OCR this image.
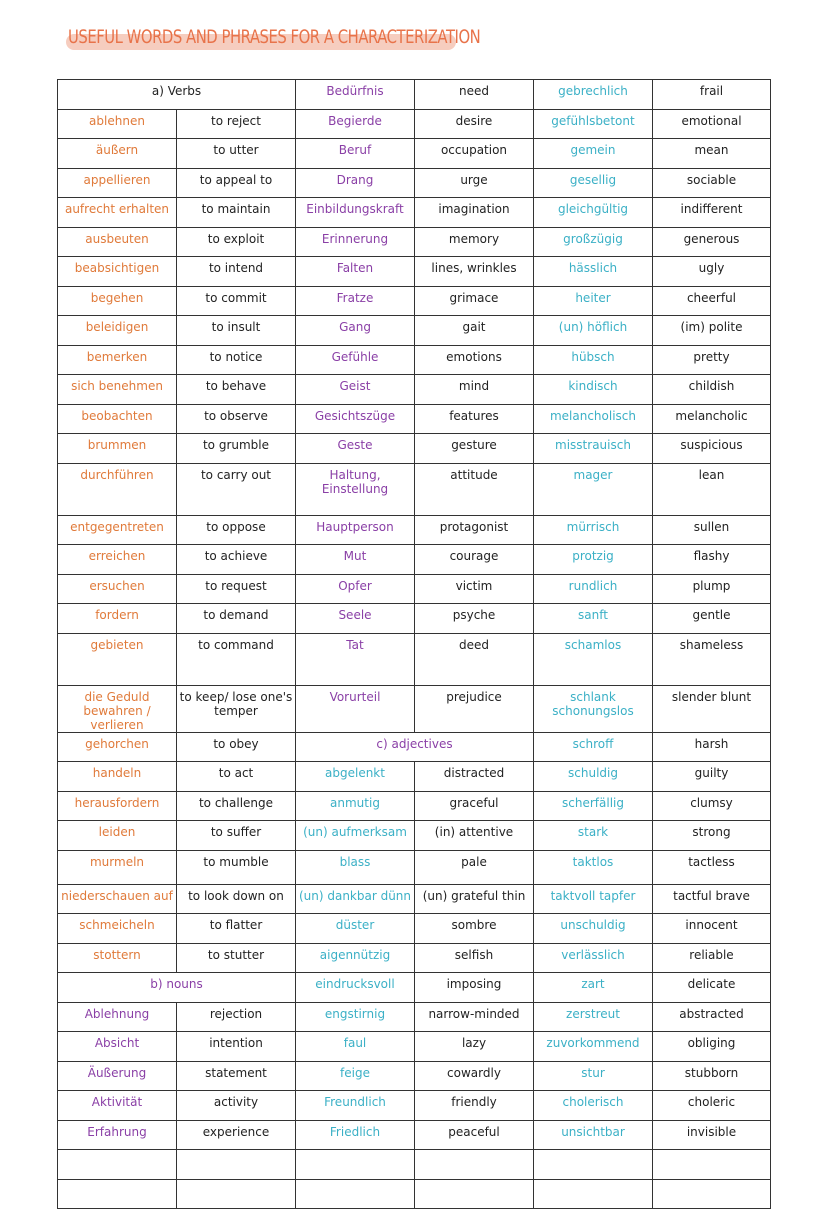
USEFUL WORDS AND PHRASES FOR A CHARACTERIZATION
a) Verbs		Bedürfnis	need	gebrechlich	frail
ablehnen	to reject	Begierde	desire	gefühlsbetont	emotional
äußern	to utter	Beruf	occupation	gemein	mean
appellieren	to appeal to	Drang	urge	gesellig	sociable
aufrecht erhalten	to maintain	Einbildungskraft	imagination	gleichgültig	indifferent
ausbeuten	to exploit	Erinnerung	memory	großzügig	generous
beabsichtigen	to intend	Falten	lines, wrinkles	hässlich	ugly
begehen	to commit	Fratze	grimace	heiter	cheerful
beleidigen	to insult	Gang	gait	(un) höflich	(im) polite
bemerken	to notice	Gefühle	emotions	hübsch	pretty
sich benehmen	to behave	Geist	mind	kindisch	childish
beobachten	to observe	Gesichtszüge	features	melancholisch	melancholic
brummen	to grumble	Geste	gesture	misstrauisch	suspicious
durchführen	to carry out	Haltung, Einstellung	attitude	mager	lean
entgegentreten	to oppose	Hauptperson	protagonist	mürrisch	sullen
erreichen	to achieve	Mut	courage	protzig	flashy
ersuchen	to request	Opfer	victim	rundlich	plump
fordern	to demand	Seele	psyche	sanft	gentle
gebieten	to command	Tat	deed	schamlos	shameless
die Geduld bewahren / verlieren	to keep/ lose one's temper	Vorurteil	prejudice	schlank schonungslos	slender blunt
gehorchen	to obey	c) adjectives		schroff	harsh
handeln	to act	abgelenkt	distracted	schuldig	guilty
herausfordern	to challenge	anmutig	graceful	scherfällig	clumsy
leiden	to suffer	(un) aufmerksam	(in) attentive	stark	strong
murmeln	to mumble	blass	pale	taktlos	tactless
niederschauen auf	to look down on	(un) dankbar dünn	(un) grateful thin	taktvoll tapfer	tactful brave
schmeicheln	to flatter	düster	sombre	unschuldig	innocent
stottern	to stutter	aigennützig	selfish	verlässlich	reliable
b) nouns		eindrucksvoll	imposing	zart	delicate
Ablehnung	rejection	engstirnig	narrow-minded	zerstreut	abstracted
Absicht	intention	faul	lazy	zuvorkommend	obliging
Äußerung	statement	feige	cowardly	stur	stubborn
Aktivität	activity	Freundlich	friendly	cholerisch	choleric
Erfahrung	experience	Friedlich	peaceful	unsichtbar	invisible
